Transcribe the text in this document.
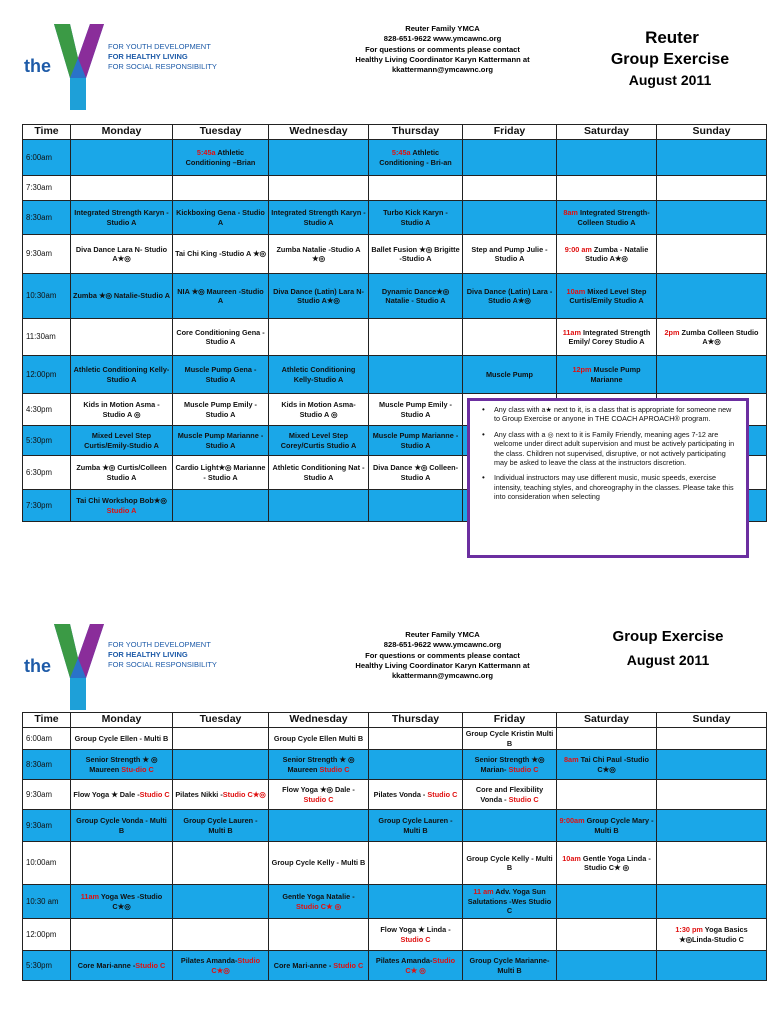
the
FOR YOUTH DEVELOPMENT
FOR HEALTHY LIVING
FOR SOCIAL RESPONSIBILITY
Reuter Family YMCA
828-651-9622 www.ymcawnc.org
For questions or comments please contact
Healthy Living Coordinator Karyn Kattermann at
kkattermann@ymcawnc.org
Reuter
Group Exercise
August 2011
Time	Monday	Tuesday	Wednesday	Thursday	Friday	Saturday	Sunday
6:00am		5:45a Athletic Conditioning –Brian		5:45a Athletic Conditioning - Bri-an			
7:30am							
8:30am	Integrated Strength Karyn - Studio A	Kickboxing Gena - Studio A	Integrated Strength Karyn - Studio A	Turbo Kick Karyn - Studio A		8am Integrated Strength-Colleen Studio A	
9:30am	Diva Dance Lara N- Studio A★◎	Tai Chi King -Studio A ★◎	Zumba Natalie -Studio A ★◎	Ballet Fusion ★◎ Brigitte -Studio A	Step and Pump Julie - Studio A	9:00 am Zumba - Natalie Studio A★◎	
10:30am	Zumba ★◎ Natalie-Studio A	NIA ★◎ Maureen -Studio A	Diva Dance (Latin) Lara N-Studio A★◎	Dynamic Dance★◎ Natalie - Studio A	Diva Dance (Latin) Lara -Studio A★◎	10am Mixed Level Step Curtis/Emily Studio A	
11:30am		Core Conditioning Gena - Studio A				11am Integrated Strength Emily/ Corey Studio A	2pm Zumba Colleen Studio A★◎
12:00pm	Athletic Conditioning Kelly-Studio A	Muscle Pump Gena -Studio A	Athletic Conditioning Kelly-Studio A		Muscle Pump	12pm Muscle Pump Marianne	
4:30pm	Kids in Motion Asma - Studio A ◎	Muscle Pump Emily - Studio A	Kids in Motion Asma- Studio A ◎	Muscle Pump Emily - Studio A			
5:30pm	Mixed Level Step Curtis/Emily-Studio A	Muscle Pump Marianne - Studio A	Mixed Level Step Corey/Curtis Studio A	Muscle Pump Marianne - Studio A			
6:30pm	Zumba ★◎ Curtis/Colleen Studio A	Cardio Light★◎ Marianne - Studio A	Athletic Conditioning Nat - Studio A	Diva Dance ★◎ Colleen- Studio A			
7:30pm	Tai Chi Workshop Bob★◎ Studio A						
• Any class with a★ next to it, is a class that is appropriate for someone new to Group Exercise or anyone in THE COACH APROACH® program.
• Any class with a ◎ next to it is Family Friendly, meaning ages 7-12 are welcome under direct adult supervision and must be actively participating in the class. Children not supervised, disruptive, or not actively participating may be asked to leave the class at the instructors discretion.
• Individual instructors may use different music, music speeds, exercise intensity, teaching styles, and choreography in the classes. Please take this into consideration when selecting
the
FOR YOUTH DEVELOPMENT
FOR HEALTHY LIVING
FOR SOCIAL RESPONSIBILITY
Reuter Family YMCA
828-651-9622 www.ymcawnc.org
For questions or comments please contact
Healthy Living Coordinator Karyn Kattermann at
kkattermann@ymcawnc.org
Group Exercise
August 2011
Time	Monday	Tuesday	Wednesday	Thursday	Friday	Saturday	Sunday
6:00am	Group Cycle Ellen - Multi B		Group Cycle Ellen Multi B		Group Cycle Kristin Multi B		
8:30am	Senior Strength ★ ◎ Maureen Stu-dio C		Senior Strength ★ ◎ Maureen Studio C		Senior Strength ★◎ Marian- Studio C	8am Tai Chi Paul -Studio C★◎	
9:30am	Flow Yoga ★ Dale -Studio C	Pilates Nikki -Studio C★◎	Flow Yoga ★◎ Dale -Studio C	Pilates Vonda - Studio C	Core and Flexibility Vonda - Studio C		
9:30am	Group Cycle Vonda - Multi B	Group Cycle Lauren - Multi B		Group Cycle Lauren -Multi B		9:00am Group Cycle Mary - Multi B	
10:00am			Group Cycle Kelly - Multi B		Group Cycle Kelly - Multi B	10am Gentle Yoga Linda -Studio C★ ◎	
10:30 am	11am Yoga Wes -Studio C★◎		Gentle Yoga Natalie - Studio C★ ◎		11 am Adv. Yoga Sun Salutations -Wes Studio C		
12:00pm				Flow Yoga ★ Linda -Studio C			1:30 pm Yoga Basics ★◎Linda-Studio C
5:30pm	Core Mari-anne -Studio C	Pilates Amanda-Studio C★◎	Core Mari-anne - Studio C	Pilates Amanda-Studio C★ ◎	Group Cycle Marianne- Multi B		
